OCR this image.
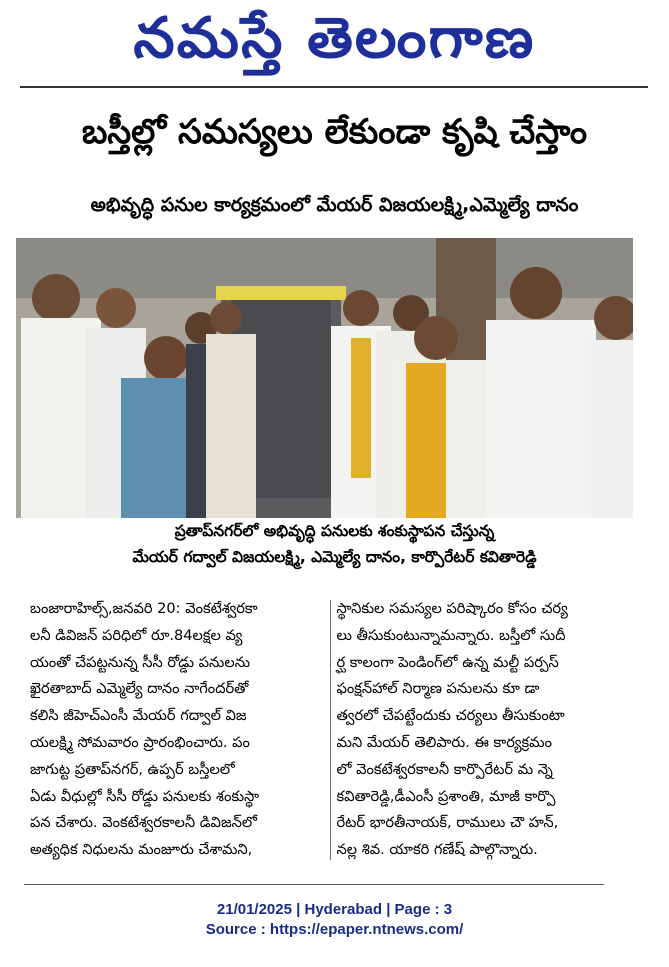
నమస్తే తెలంగాణ
బస్తీల్లో సమస్యలు లేకుండా కృషి చేస్తాం
అభివృద్ధి పనుల కార్యక్రమంలో మేయర్ విజయలక్ష్మి,ఎమ్మెల్యే దానం
ప్రతాప్‌నగర్‌లో అభివృద్ధి పనులకు శంకుస్థాపన చేస్తున్న
మేయర్ గద్వాల్ విజయలక్ష్మి, ఎమ్మెల్యే దానం, కార్పొరేటర్ కవితారెడ్డి
బంజారాహిల్స్,జనవరి 20: వెంకటేశ్వరకా
లనీ డివిజన్ పరిధిలో రూ.84లక్షల వ్య
యంతో చేపట్టనున్న సీసీ రోడ్డు పనులను
ఖైరతాబాద్ ఎమ్మెల్యే దానం నాగేందర్‌తో
కలిసి జీహెచ్ఎంసీ మేయర్ గద్వాల్ విజ
యలక్ష్మి సోమవారం ప్రారంభించారు. పం
జాగుట్ట ప్రతాప్‌నగర్, ఉప్పర్ బస్తీలలో
ఏడు వీధుల్లో సీసీ రోడ్డు పనులకు శంకుస్థా
పన చేశారు. వెంకటేశ్వరకాలనీ డివిజన్‌లో
అత్యధిక నిధులను మంజూరు చేశామని,
స్థానికుల సమస్యల పరిష్కారం కోసం చర్య
లు తీసుకుంటున్నామన్నారు. బస్తీలో సుదీ
ర్ఘ కాలంగా పెండింగ్‌లో ఉన్న మల్టీ పర్పస్
ఫంక్షన్‌హాల్ నిర్మాణ పనులను కూ డా
త్వరలో చేపట్టేందుకు చర్యలు తీసుకుంటా
మని మేయర్ తెలిపారు. ఈ కార్యక్రమం
లో వెంకటేశ్వరకాలనీ కార్పొరేటర్ మ న్నె
కవితారెడ్డి,డీఎంసీ ప్రశాంతి, మాజీ కార్పొ
రేటర్ భారతీనాయక్, రాములు చౌ హన్,
నల్ల శివ. యాకరి గణేష్ పాల్గొన్నారు.
21/01/2025 | Hyderabad | Page : 3
Source : https://epaper.ntnews.com/
